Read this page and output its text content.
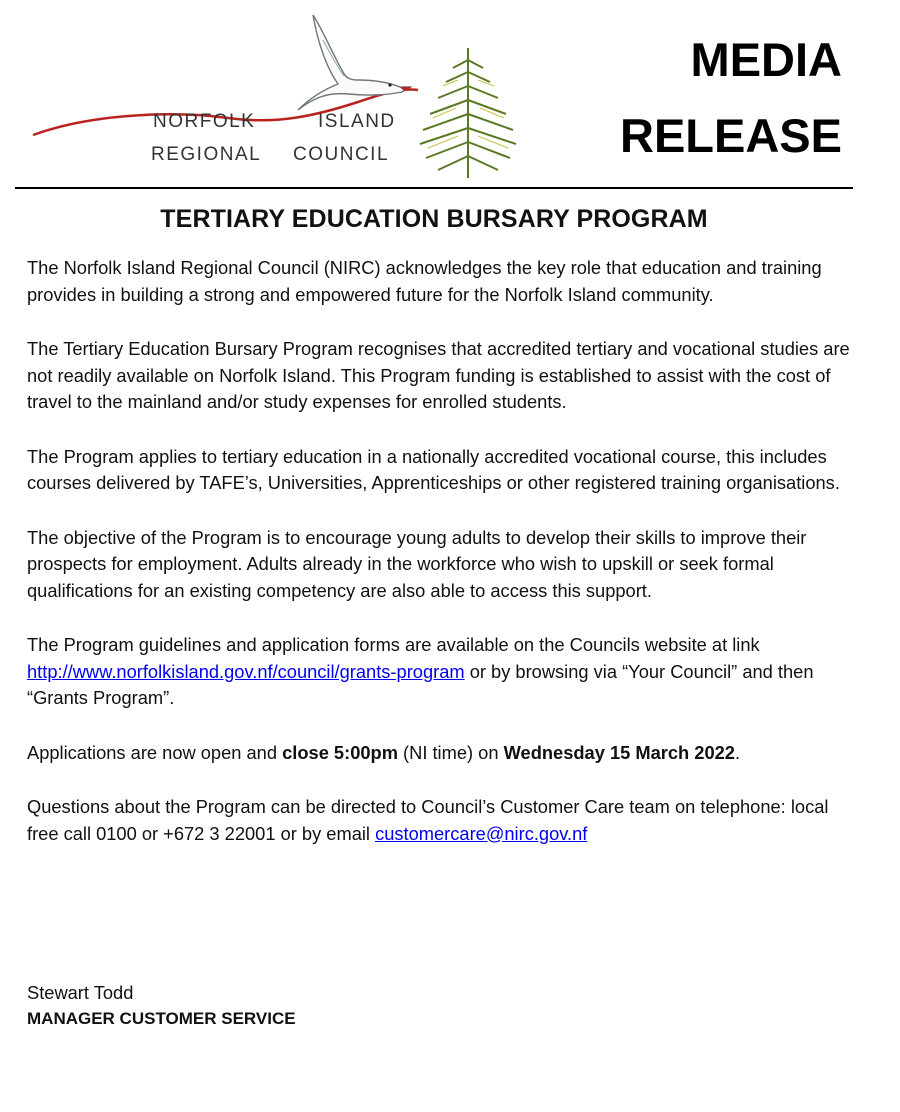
NORFOLK	ISLAND
REGIONAL COUNCIL
MEDIA
RELEASE
TERTIARY EDUCATION BURSARY PROGRAM

The Norfolk Island Regional Council (NIRC) acknowledges the key role that education and training provides in building a strong and empowered future for the Norfolk Island community.

The Tertiary Education Bursary Program recognises that accredited tertiary and vocational studies are not readily available on Norfolk Island. This Program funding is established to assist with the cost of travel to the mainland and/or study expenses for enrolled students.

The Program applies to tertiary education in a nationally accredited vocational course, this includes courses delivered by TAFE’s, Universities, Apprenticeships or other registered training organisations.

The objective of the Program is to encourage young adults to develop their skills to improve their prospects for employment. Adults already in the workforce who wish to upskill or seek formal qualifications for an existing competency are also able to access this support.

The Program guidelines and application forms are available on the Councils website at link http://www.norfolkisland.gov.nf/council/grants-program or by browsing via “Your Council” and then “Grants Program”.

Applications are now open and close 5:00pm (NI time) on Wednesday 15 March 2022.

Questions about the Program can be directed to Council’s Customer Care team on telephone: local free call 0100 or +672 3 22001 or by email customercare@nirc.gov.nf

Stewart Todd
MANAGER CUSTOMER SERVICE
